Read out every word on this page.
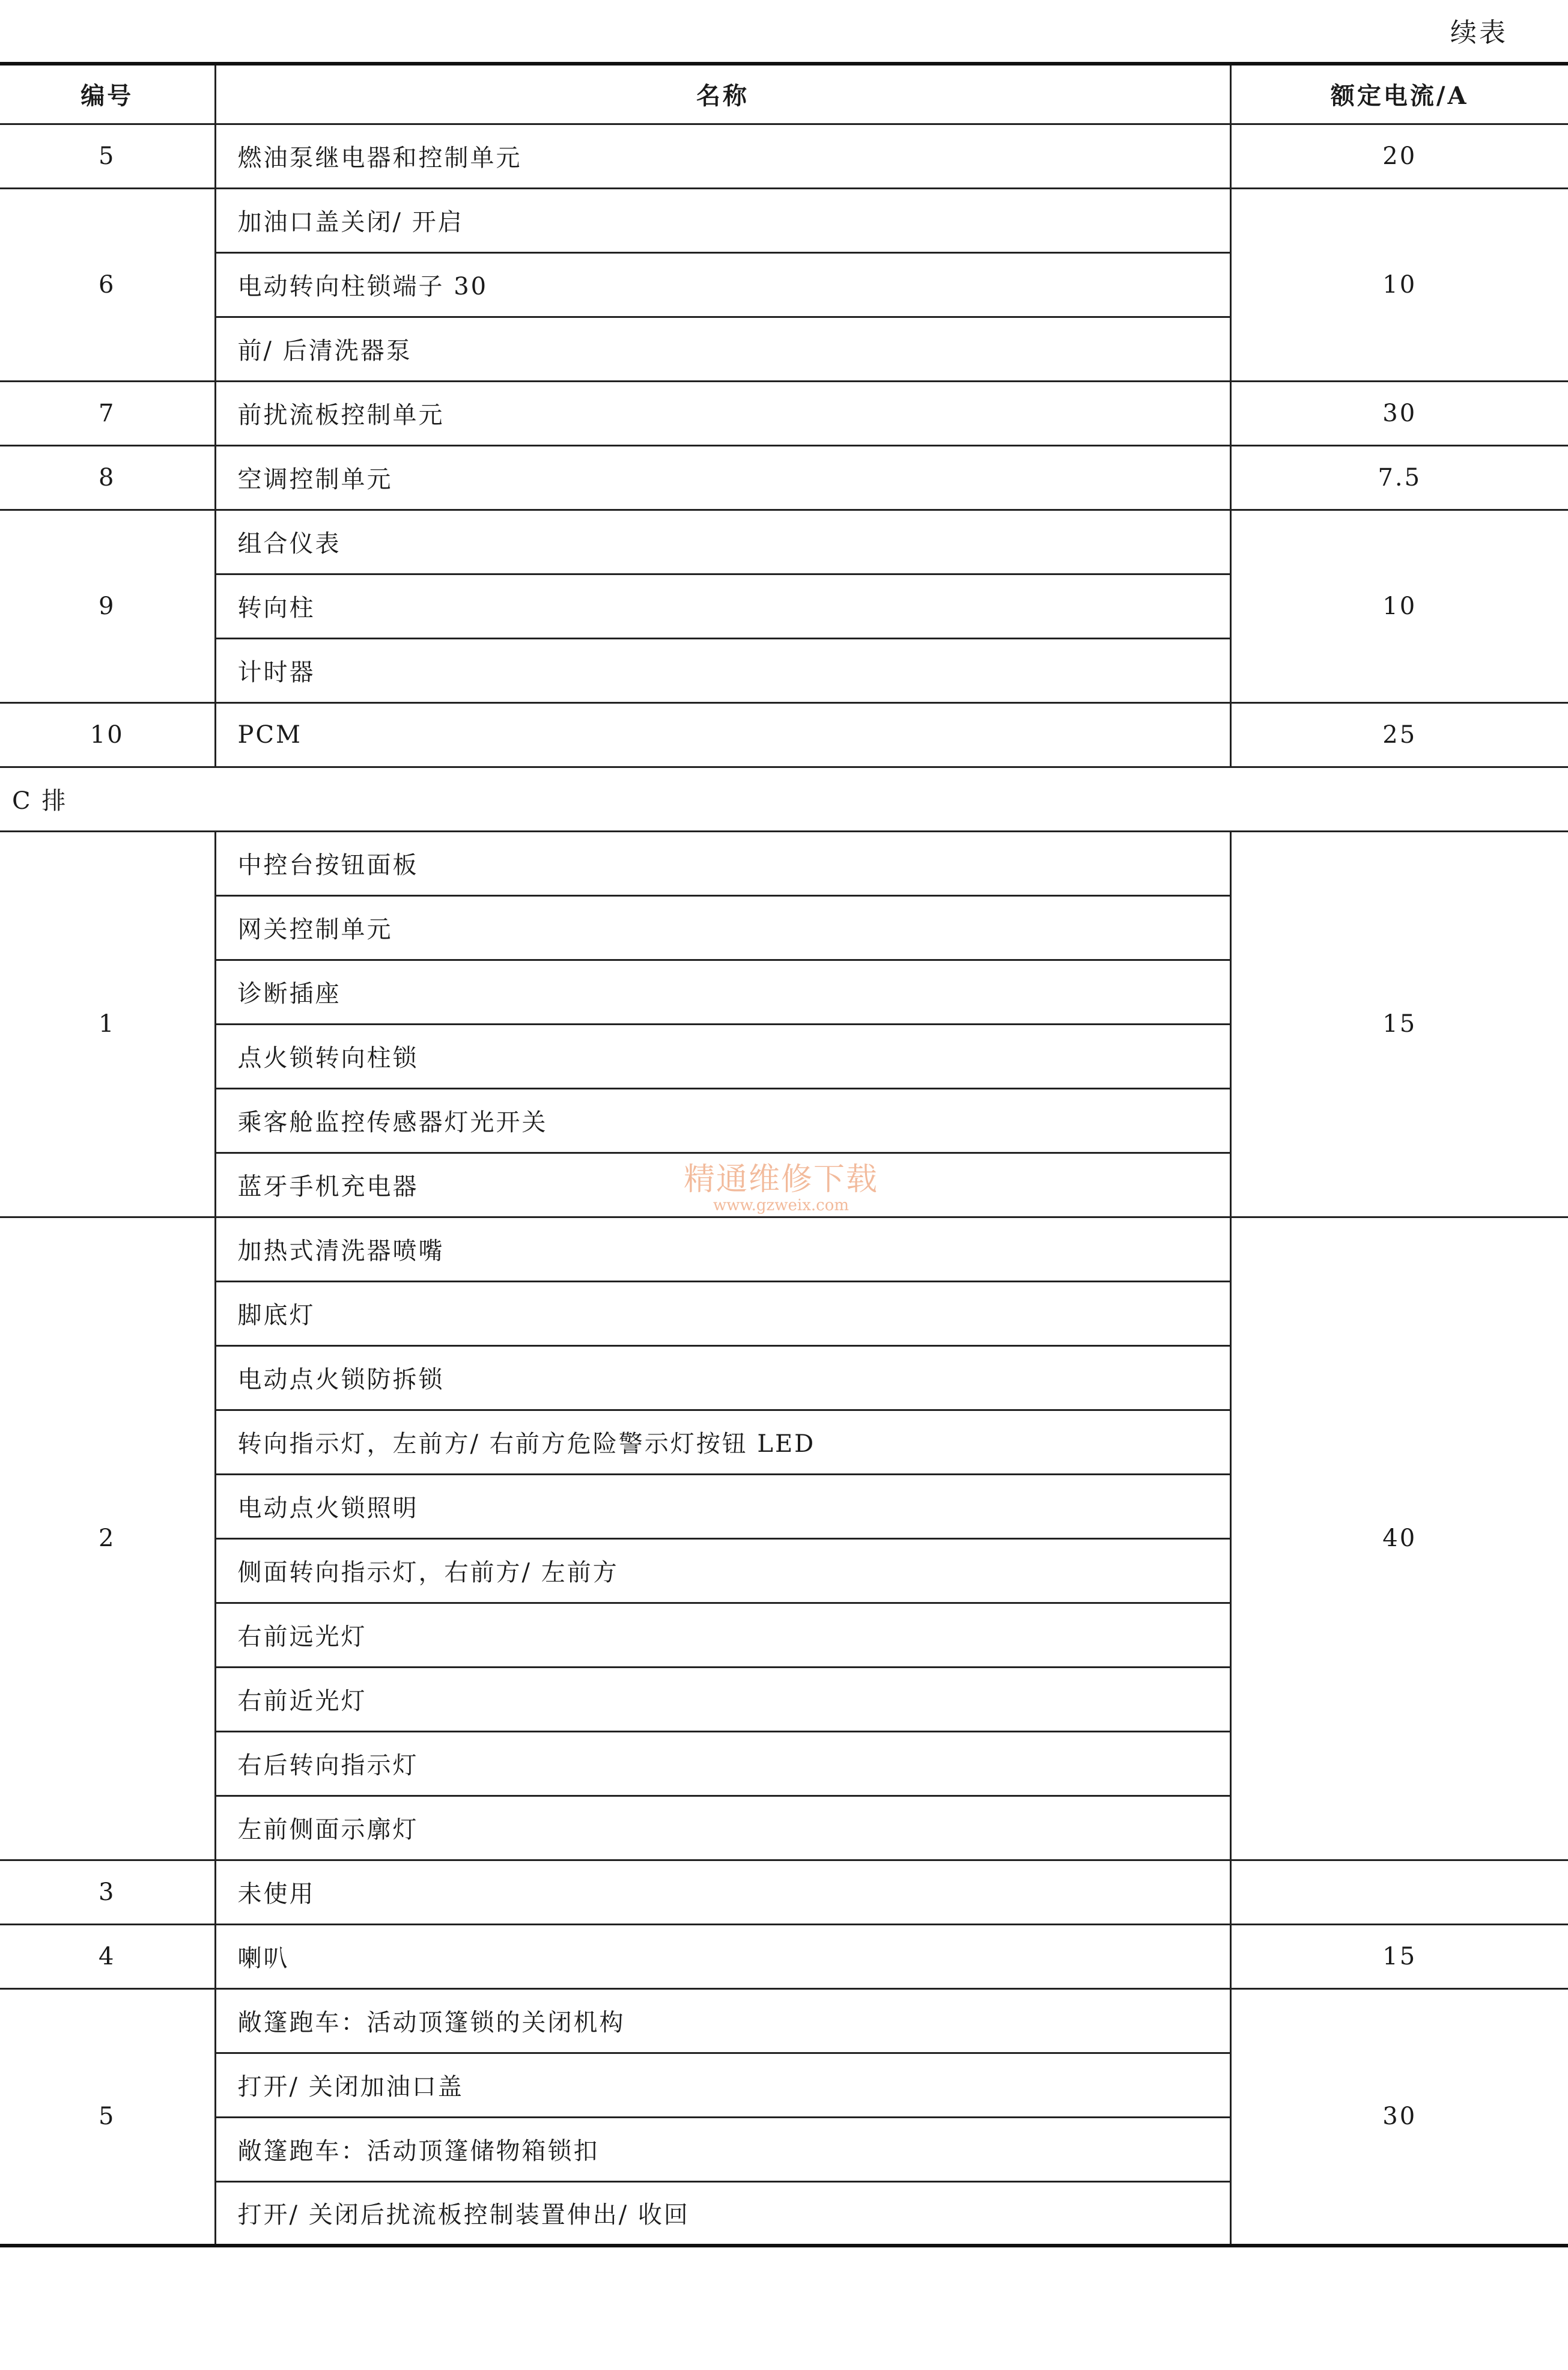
续表
编号	名称	额定电流/A
5	燃油泵继电器和控制单元	20
6	加油口盖关闭/ 开启	10
	电动转向柱锁端子 30	
	前/ 后清洗器泵	
7	前扰流板控制单元	30
8	空调控制单元	7.5
9	组合仪表	10
	转向柱	
	计时器	
10	PCM	25
C 排		
1	中控台按钮面板	15
	网关控制单元	
	诊断插座	
	点火锁转向柱锁	
	乘客舱监控传感器灯光开关	
	蓝牙手机充电器	
2	加热式清洗器喷嘴	40
	脚底灯	
	电动点火锁防拆锁	
	转向指示灯，左前方/ 右前方危险警示灯按钮 LED	
	电动点火锁照明	
	侧面转向指示灯，右前方/ 左前方	
	右前远光灯	
	右前近光灯	
	右后转向指示灯	
	左前侧面示廓灯	
3	未使用	
4	喇叭	15
5	敞篷跑车：活动顶篷锁的关闭机构	30
	打开/ 关闭加油口盖	
	敞篷跑车：活动顶篷储物箱锁扣	
	打开/ 关闭后扰流板控制装置伸出/ 收回	
精通维修下载
www.gzweix.com
